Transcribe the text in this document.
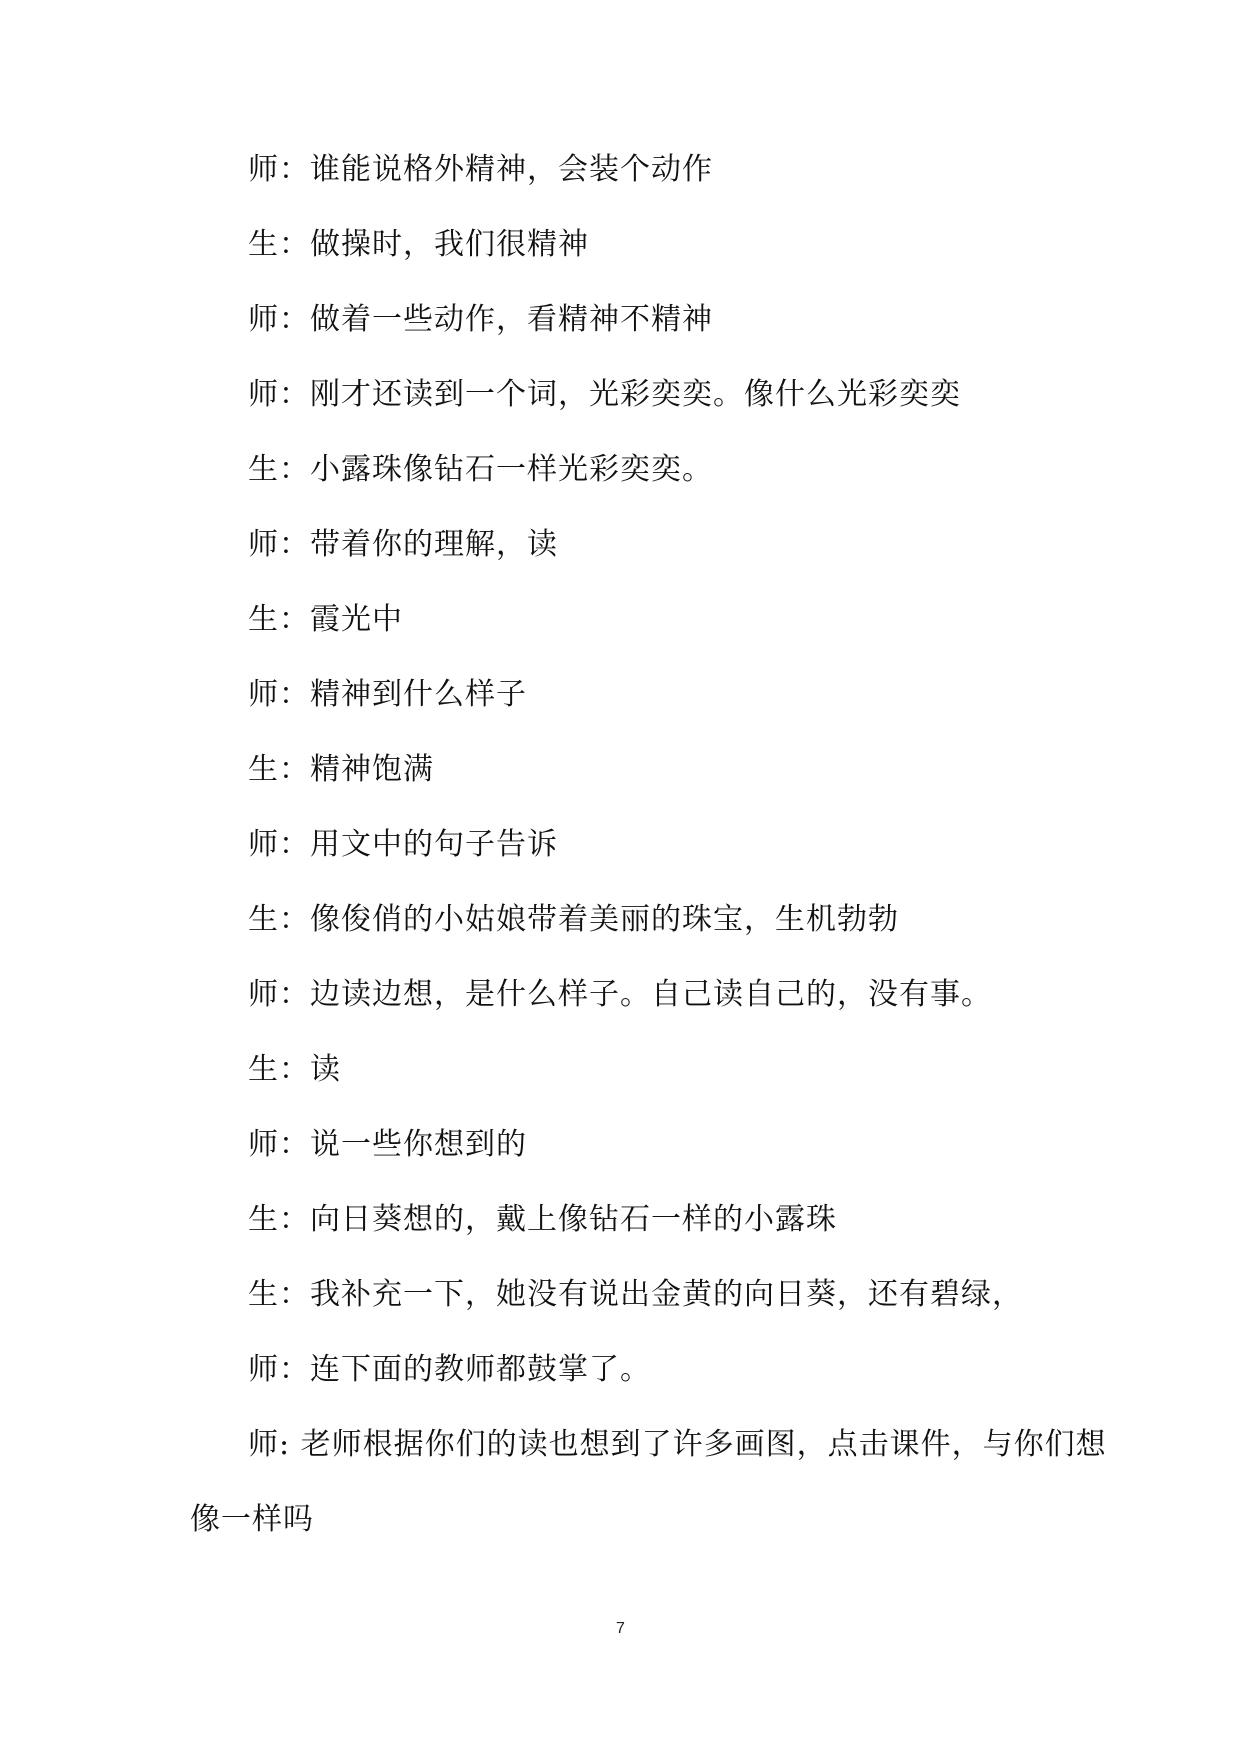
师：谁能说格外精神，会装个动作
生：做操时，我们很精神
师：做着一些动作，看精神不精神
师：刚才还读到一个词，光彩奕奕。像什么光彩奕奕
生：小露珠像钻石一样光彩奕奕。
师：带着你的理解，读
生：霞光中
师：精神到什么样子
生：精神饱满
师：用文中的句子告诉
生：像俊俏的小姑娘带着美丽的珠宝，生机勃勃
师：边读边想，是什么样子。自己读自己的，没有事。
生：读
师：说一些你想到的
生：向日葵想的，戴上像钻石一样的小露珠
生：我补充一下，她没有说出金黄的向日葵，还有碧绿，
师：连下面的教师都鼓掌了。
师: 老师根据你们的读也想到了许多画图，点击课件，与你们想
像一样吗
7
